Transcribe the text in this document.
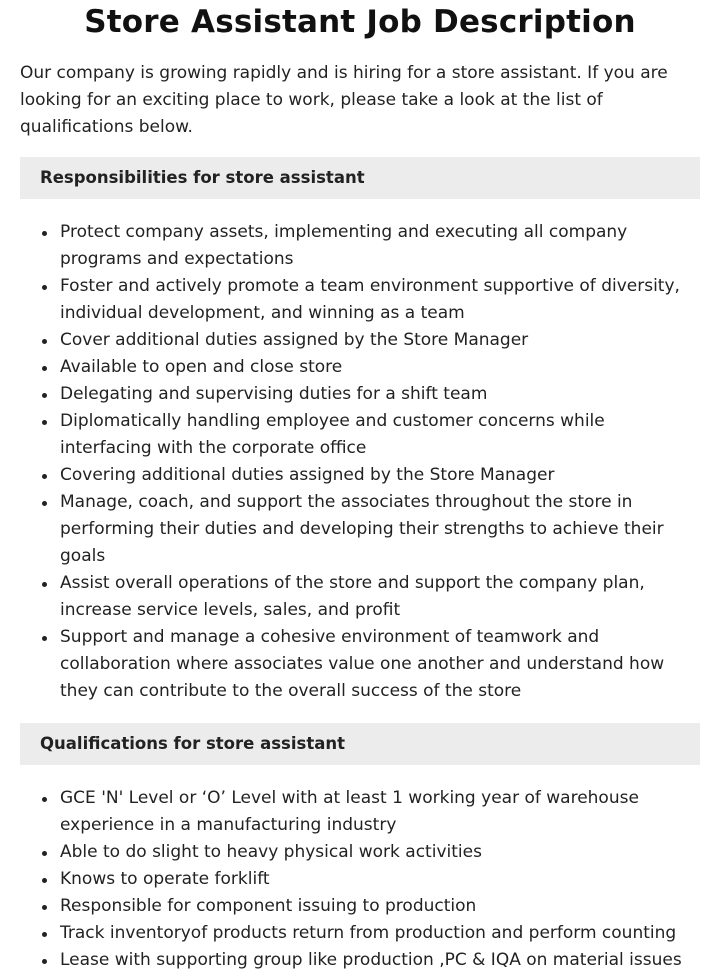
Store Assistant Job Description

Our company is growing rapidly and is hiring for a store assistant. If you are looking for an exciting place to work, please take a look at the list of qualifications below.

Responsibilities for store assistant
Protect company assets, implementing and executing all company programs and expectations
Foster and actively promote a team environment supportive of diversity, individual development, and winning as a team
Cover additional duties assigned by the Store Manager
Available to open and close store
Delegating and supervising duties for a shift team
Diplomatically handling employee and customer concerns while interfacing with the corporate office
Covering additional duties assigned by the Store Manager
Manage, coach, and support the associates throughout the store in performing their duties and developing their strengths to achieve their goals
Assist overall operations of the store and support the company plan, increase service levels, sales, and profit
Support and manage a cohesive environment of teamwork and collaboration where associates value one another and understand how they can contribute to the overall success of the store
Qualifications for store assistant
GCE 'N' Level or ‘O’ Level with at least 1 working year of warehouse experience in a manufacturing industry
Able to do slight to heavy physical work activities
Knows to operate forklift
Responsible for component issuing to production
Track inventoryof products return from production and perform counting
Lease with supporting group like production ,PC & IQA on material issues
